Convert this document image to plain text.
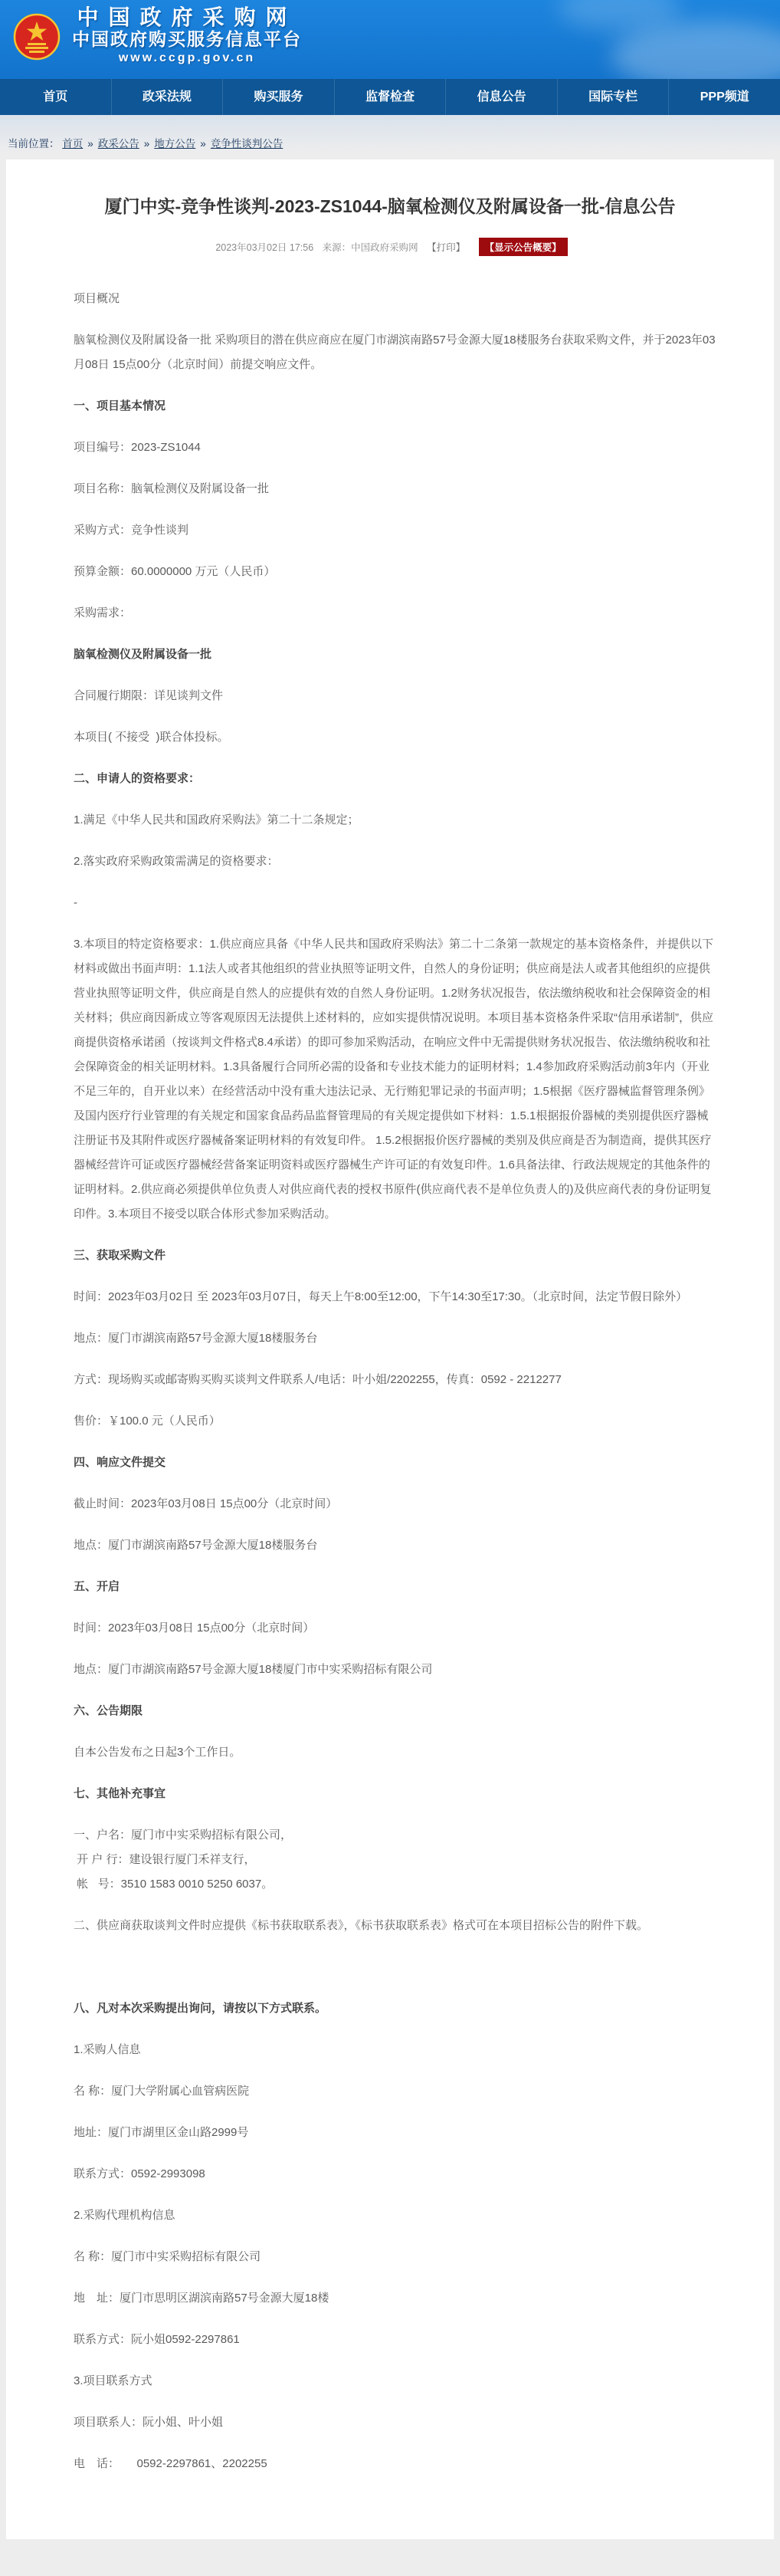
中国政府采购网
中国政府购买服务信息平台
www.ccgp.gov.cn
首页	政采法规	购买服务	监督检查	信息公告	国际专栏	PPP频道
当前位置： 首页 » 政采公告 » 地方公告 » 竞争性谈判公告
厦门中实-竞争性谈判-2023-ZS1044-脑氧检测仪及附属设备一批-信息公告
2023年03月02日 17:56 来源：中国政府采购网 【打印】 【显示公告概要】

项目概况

脑氧检测仪及附属设备一批 采购项目的潜在供应商应在厦门市湖滨南路57号金源大厦18楼服务台获取采购文件，并于2023年03月08日 15点00分（北京时间）前提交响应文件。

一、项目基本情况

项目编号：2023-ZS1044

项目名称：脑氧检测仪及附属设备一批

采购方式：竞争性谈判

预算金额：60.0000000 万元（人民币）

采购需求：

脑氧检测仪及附属设备一批

合同履行期限：详见谈判文件

本项目( 不接受  )联合体投标。

二、申请人的资格要求：

1.满足《中华人民共和国政府采购法》第二十二条规定；

2.落实政府采购政策需满足的资格要求：

-

3.本项目的特定资格要求：1.供应商应具备《中华人民共和国政府采购法》第二十二条第一款规定的基本资格条件，并提供以下材料或做出书面声明：1.1法人或者其他组织的营业执照等证明文件，自然人的身份证明；供应商是法人或者其他组织的应提供营业执照等证明文件，供应商是自然人的应提供有效的自然人身份证明。1.2财务状况报告，依法缴纳税收和社会保障资金的相关材料；供应商因新成立等客观原因无法提供上述材料的，应如实提供情况说明。本项目基本资格条件采取“信用承诺制”，供应商提供资格承诺函（按谈判文件格式8.4承诺）的即可参加采购活动，在响应文件中无需提供财务状况报告、依法缴纳税收和社会保障资金的相关证明材料。1.3具备履行合同所必需的设备和专业技术能力的证明材料；1.4参加政府采购活动前3年内（开业不足三年的，自开业以来）在经营活动中没有重大违法记录、无行贿犯罪记录的书面声明；1.5根据《医疗器械监督管理条例》及国内医疗行业管理的有关规定和国家食品药品监督管理局的有关规定提供如下材料：1.5.1根据报价器械的类别提供医疗器械注册证书及其附件或医疗器械备案证明材料的有效复印件。 1.5.2根据报价医疗器械的类别及供应商是否为制造商，提供其医疗器械经营许可证或医疗器械经营备案证明资料或医疗器械生产许可证的有效复印件。1.6具备法律、行政法规规定的其他条件的证明材料。2.供应商必须提供单位负责人对供应商代表的授权书原件(供应商代表不是单位负责人的)及供应商代表的身份证明复印件。3.本项目不接受以联合体形式参加采购活动。

三、获取采购文件

时间：2023年03月02日 至 2023年03月07日，每天上午8:00至12:00，下午14:30至17:30。（北京时间，法定节假日除外）

地点：厦门市湖滨南路57号金源大厦18楼服务台

方式：现场购买或邮寄购买购买谈判文件联系人/电话：叶小姐/2202255，传真：0592 - 2212277

售价：￥100.0 元（人民币）

四、响应文件提交

截止时间：2023年03月08日 15点00分（北京时间）

地点：厦门市湖滨南路57号金源大厦18楼服务台

五、开启

时间：2023年03月08日 15点00分（北京时间）

地点：厦门市湖滨南路57号金源大厦18楼厦门市中实采购招标有限公司

六、公告期限

自本公告发布之日起3个工作日。

七、其他补充事宜

一、户名：厦门市中实采购招标有限公司，

开 户 行：建设银行厦门禾祥支行，

帐   号：3510 1583 0010 5250 6037。

二、供应商获取谈判文件时应提供《标书获取联系表》，《标书获取联系表》格式可在本项目招标公告的附件下载。

八、凡对本次采购提出询问，请按以下方式联系。

1.采购人信息

名 称：厦门大学附属心血管病医院

地址：厦门市湖里区金山路2999号

联系方式：0592-2993098

2.采购代理机构信息

名 称：厦门市中实采购招标有限公司

地　址：厦门市思明区湖滨南路57号金源大厦18楼

联系方式：阮小姐0592-2297861

3.项目联系方式

项目联系人：阮小姐、叶小姐

电　话：　　0592-2297861、2202255
